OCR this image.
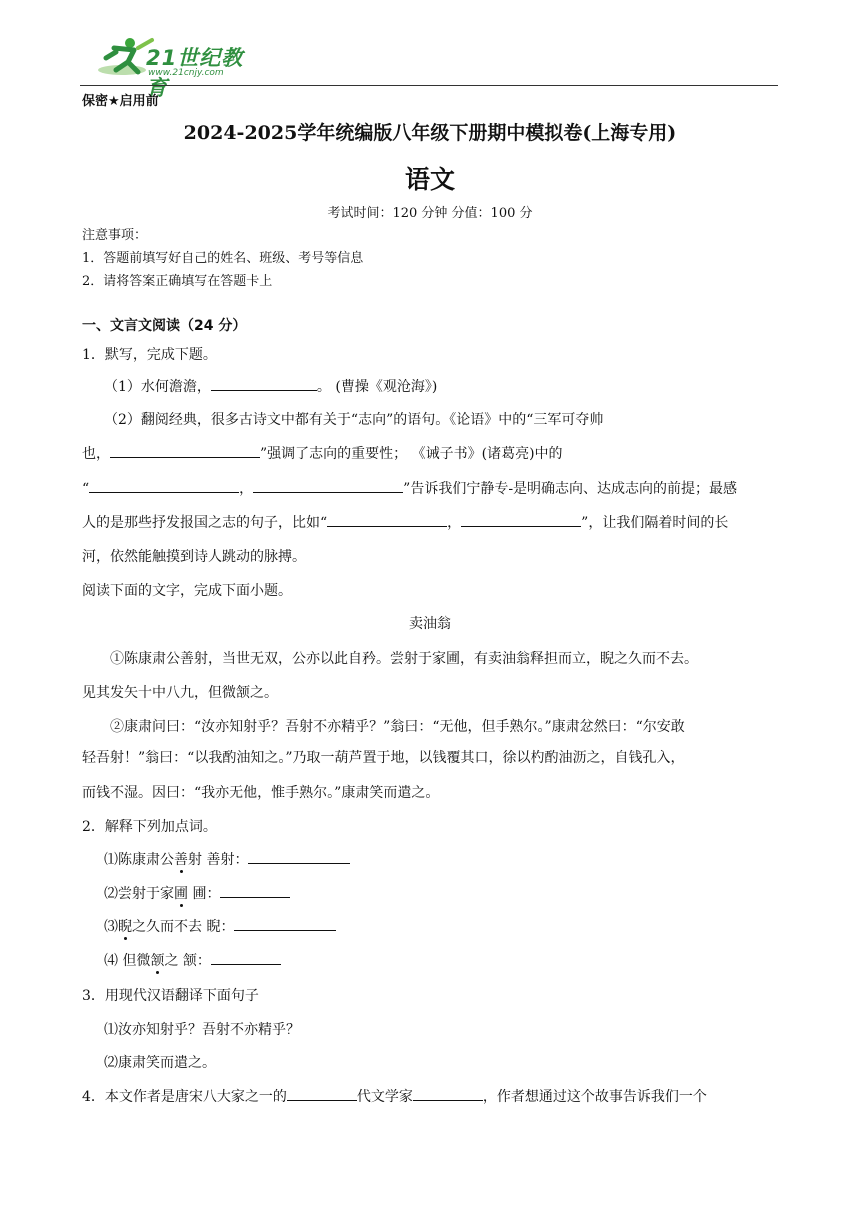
21世纪教育
www.21cnjy.com
保密★启用前
2024-2025学年统编版八年级下册期中模拟卷(上海专用)
语文
考试时间：120 分钟 分值：100 分
注意事项：
1．答题前填写好自己的姓名、班级、考号等信息
2．请将答案正确填写在答题卡上
一、文言文阅读（24 分）
1．默写，完成下题。
（1）水何澹澹，	。 (曹操《观沧海》)
（2）翻阅经典，很多古诗文中都有关于“志向”的语句。《论语》中的“三军可夺帅
也，	”强调了志向的重要性； 《诫子书》(诸葛亮)中的
“	，	”告诉我们宁静专-是明确志向、达成志向的前提；最感
人的是那些抒发报国之志的句子，比如“	，	”，让我们隔着时间的长
河，依然能触摸到诗人跳动的脉搏。
阅读下面的文字，完成下面小题。
卖油翁
①陈康肃公善射，当世无双，公亦以此自矜。尝射于家圃，有卖油翁释担而立，睨之久而不去。
见其发矢十中八九，但微颔之。
②康肃问曰：“汝亦知射乎？吾射不亦精乎？”翁曰：“无他，但手熟尔。”康肃忿然曰：“尔安敢
轻吾射！”翁曰：“以我酌油知之。”乃取一葫芦置于地，以钱覆其口，徐以杓酌油沥之，自钱孔入，
而钱不湿。因曰：“我亦无他，惟手熟尔。”康肃笑而遣之。
2．解释下列加点词。
⑴陈康肃公善射 善射：
⑵尝射于家圃 圃：
⑶睨之久而不去 睨：
⑷ 但微颔之 颔：
3．用现代汉语翻译下面句子
⑴汝亦知射乎？吾射不亦精乎？
⑵康肃笑而遣之。
4．本文作者是唐宋八大家之一的	代文学家	，作者想通过这个故事告诉我们一个
